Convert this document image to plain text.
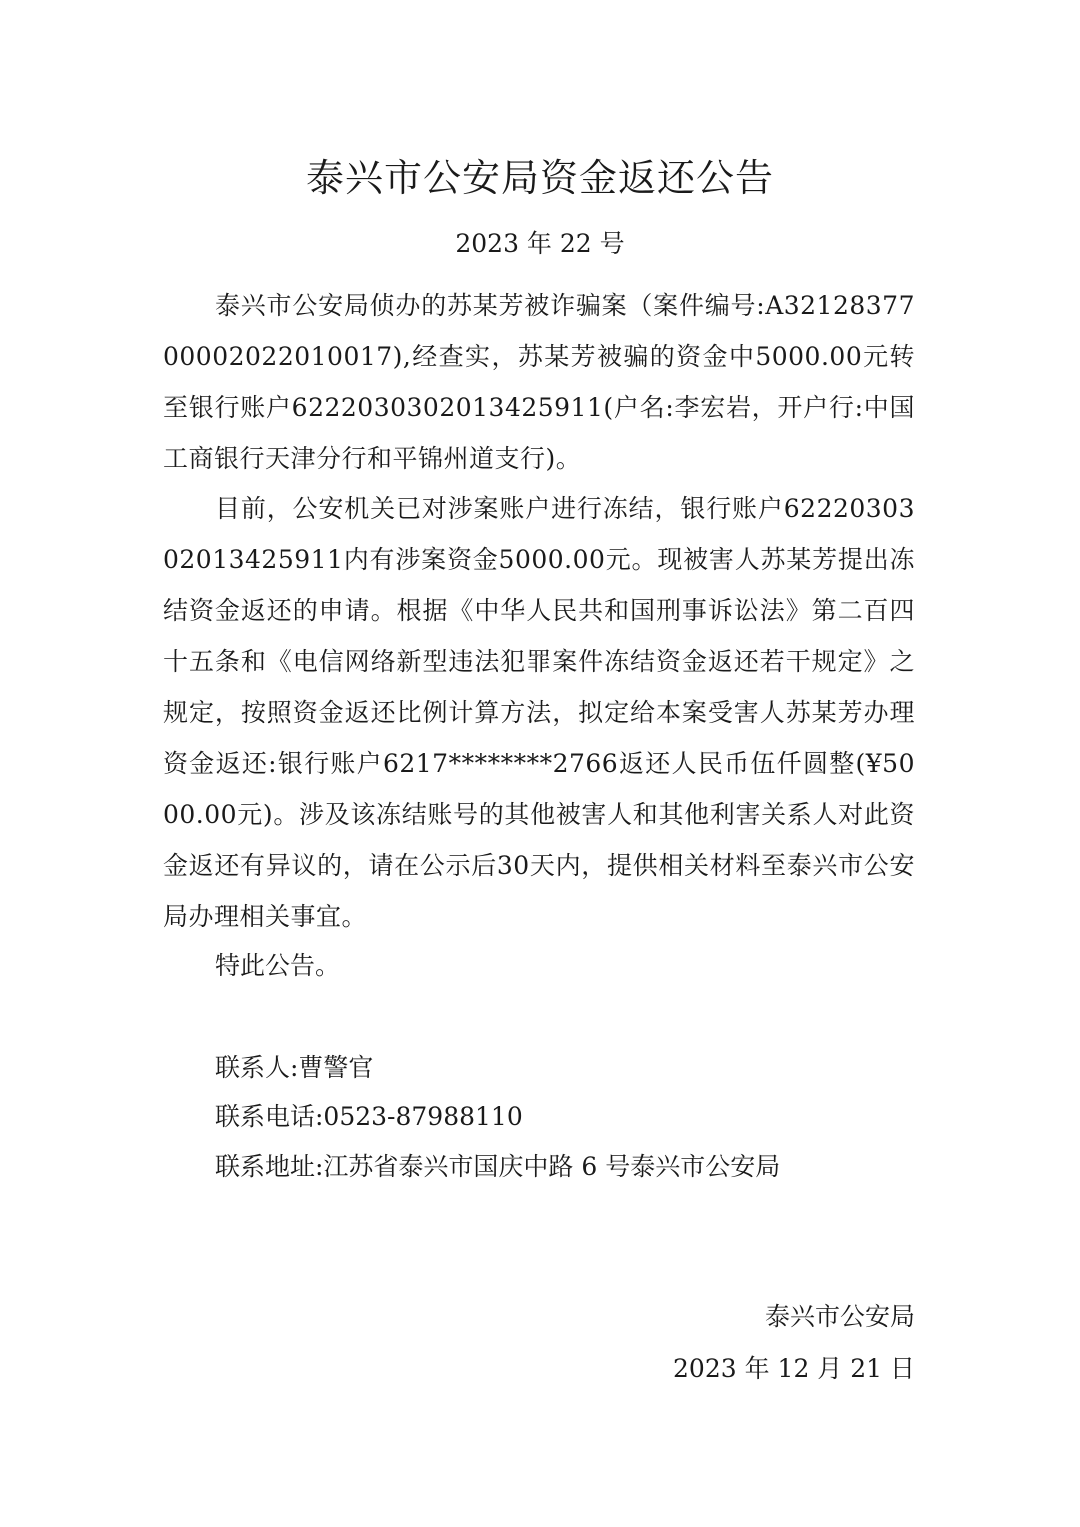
泰兴市公安局资金返还公告

2023 年 22 号

泰兴市公安局侦办的苏某芳被诈骗案（案件编号:A3212837700002022010017),经查实，苏某芳被骗的资金中5000.00元转至银行账户6222030302013425911(户名:李宏岩，开户行:中国工商银行天津分行和平锦州道支行)。

目前，公安机关已对涉案账户进行冻结，银行账户6222030302013425911内有涉案资金5000.00元。现被害人苏某芳提出冻结资金返还的申请。根据《中华人民共和国刑事诉讼法》第二百四十五条和《电信网络新型违法犯罪案件冻结资金返还若干规定》之规定，按照资金返还比例计算方法，拟定给本案受害人苏某芳办理资金返还:银行账户6217********2766返还人民币伍仟圆整(¥5000.00元)。涉及该冻结账号的其他被害人和其他利害关系人对此资金返还有异议的，请在公示后30天内，提供相关材料至泰兴市公安局办理相关事宜。

特此公告。

联系人:曹警官

联系电话:0523-87988110

联系地址:江苏省泰兴市国庆中路 6 号泰兴市公安局

泰兴市公安局

2023 年 12 月 21 日
